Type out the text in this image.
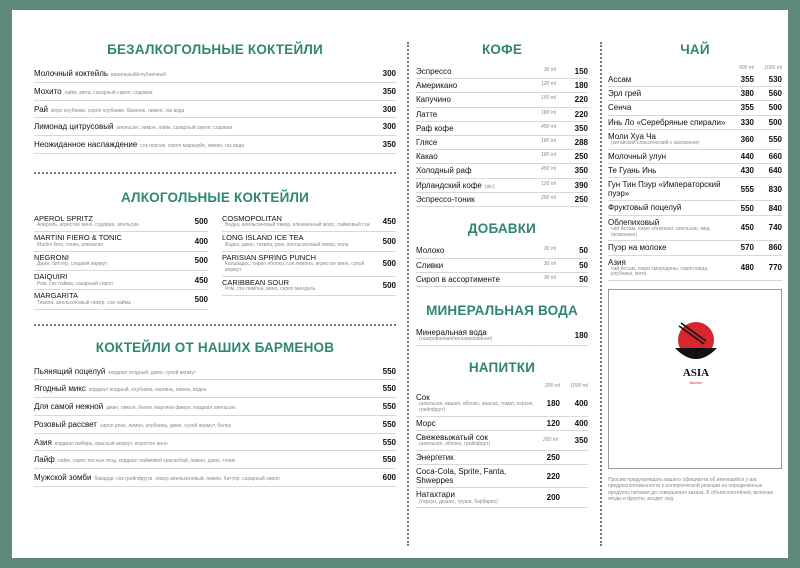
БЕЗАЛКОГОЛЬНЫЕ КОКТЕЙЛИ
Молочный коктейль ванильный/клубничный	300
Мохито лайм, мята, сахарный сироп, содовая	350
Рай морс клубники, сироп клубники, базилик, лимон, газ вода	300
Лимонад цитрусовый апельсин, лимон, лайм, сахарный сироп, содовая	300
Неожиданное наслаждение сок персик, сироп маракуйя, лимон, газ вода	350
АЛКОГОЛЬНЫЕ КОКТЕЙЛИ
APEROL SPRITZ
Апероль, игристое вино, содовая, апельсин	500
MARTINI FIERO & TONIC
Martini fiero, тоник, апельсин	400
NEGRONI
Джин, биттер, сладкий вермут	500
DAIQUIRI
Ром, сок лайма, сахарный сироп	450
MARGARITA
Текила, апельсиновый ликер, сок лайма	500
COSMOPOLITAN
Водка, апельсиновый ликер, клюквенный морс, лаймовый сок	450
LONG ISLAND ICE TEA
Водка, джин, текила, ром, апельсиновый ликер, кола	500
PARISIAN SPRING PUNCH
Кальвадос, сироп яблоко, сок лимона, игристое вино, сухой вермут
500
CARIBBEAN SOUR
Ром, сок лимона, вино, сироп миндаль	500
КОКТЕЙЛИ ОТ НАШИХ БАРМЕНОВ
Пьянящий поцелуй кордиал ягодный, джин, сухой вермут	550
Ягодный микс кордиал ягодный, клубника, малина, лимон, водка	550
Для самой нежной джин, лимон, белок, мартини фиеро, кордиал апельсин	550
Розовый рассвет сироп роза, лимон, клубника, джин, сухой вермут, белок	550
Азия кордиал имбирь, красный вермут, игристое вино	550
Лайф лайм, сироп лесных ягод, кордиал лаймовой краснобай, лимон, джин, тоник	550
Мужской зомби бакарди, сок грейпфрута, ликер апельсиновый, лимон, биттер, сахарный сироп	600
КОФЕ
Эспрессо	30 ml	150
Американо	120 ml	180
Капучино	150 ml	220
Латте	180 ml	220
Раф кофе	450 ml	350
Глясе	180 ml	288
Какао	180 ml	250
Холодный раф	450 ml	350
Ирландский кофе (alc)	120 ml	390
Эспрессо-тоник	250 ml	250
ДОБАВКИ
Молоко	30 ml	50
Сливки	30 ml	50
Сироп в ассортименте	30 ml	50
МИНЕРАЛЬНАЯ ВОДА
Минеральная вода
(газированная/негазированная)	180
НАПИТКИ
200 ml	1000 ml
Сок
(апельсин, вишня, яблоко, ананас, томат, персик, грейпфрут)
180	400
Морс	120	400
Свежевыжатый сок
(апельсин, яблоко, грейпфрут)
250 ml	350
Энергетик	250
Coca-Cola, Sprite, Fanta, Shweppes	220
Натахтари
(тархун, дюшес, груша, барбарис)	200
ЧАЙ
500 ml	1000 ml
Ассам	355	530
Эрл грей	380	560
Сенча	355	500
Инь Ло «Серебряные спирали»	330	500
Моли Хуа Ча
(китайский классический с жасмином)	360	550
Молочный улун	440	660
Те Гуань Инь	430	640
Гун Тин Пэур «Императорский пуэр»	555	830
Фруктовый поцелуй	550	840
Облепиховый
чай Ассам, пюре облепихи, апельсин, мёд (возможно)
450	740
Пуэр на молоке	570	860
Азия
чай Ассам, пюре смородины, сироп мёда, клубника, мята
480	770
ASIA
kitchen
Просим предупреждать вашего официанта об имеющейся у вас предрасположенности к аллергической реакции на определенные продукты питания до совершения заказа. В объем коктейлей, включая ягоды и фрукты, входит лед.
